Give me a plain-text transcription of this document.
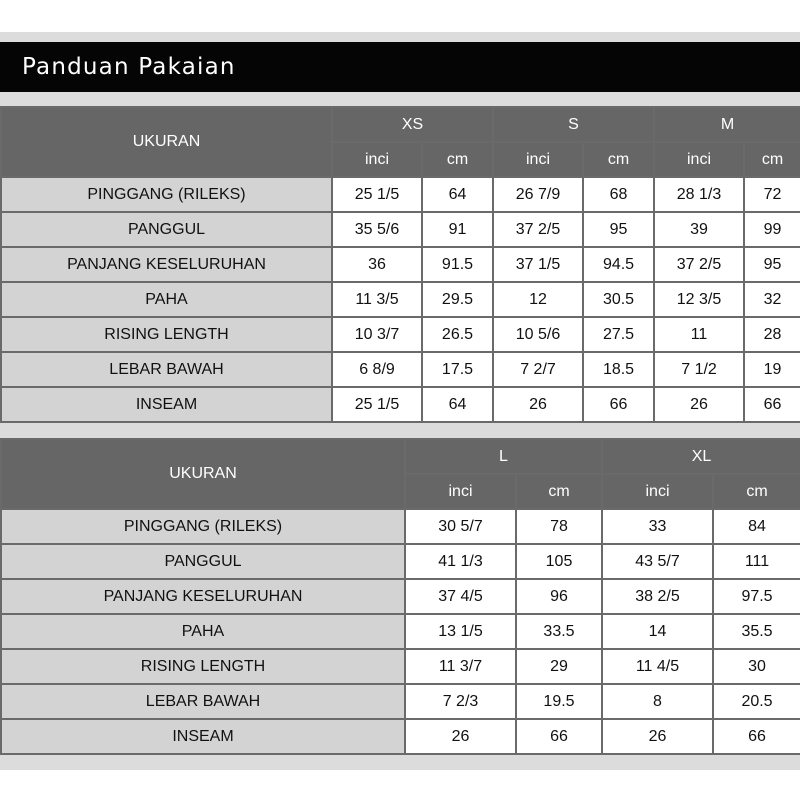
Panduan Pakaian
UKURAN	XS		S		M	
	inci	cm	inci	cm	inci	cm
PINGGANG (RILEKS)	25 1/5	64	26 7/9	68	28 1/3	72
PANGGUL	35 5/6	91	37 2/5	95	39	99
PANJANG KESELURUHAN	36	91.5	37 1/5	94.5	37 2/5	95
PAHA	11 3/5	29.5	12	30.5	12 3/5	32
RISING LENGTH	10 3/7	26.5	10 5/6	27.5	11	28
LEBAR BAWAH	6 8/9	17.5	7 2/7	18.5	7 1/2	19
INSEAM	25 1/5	64	26	66	26	66
UKURAN	L		XL	
	inci	cm	inci	cm
PINGGANG (RILEKS)	30 5/7	78	33	84
PANGGUL	41 1/3	105	43 5/7	111
PANJANG KESELURUHAN	37 4/5	96	38 2/5	97.5
PAHA	13 1/5	33.5	14	35.5
RISING LENGTH	11 3/7	29	11 4/5	30
LEBAR BAWAH	7 2/3	19.5	8	20.5
INSEAM	26	66	26	66
